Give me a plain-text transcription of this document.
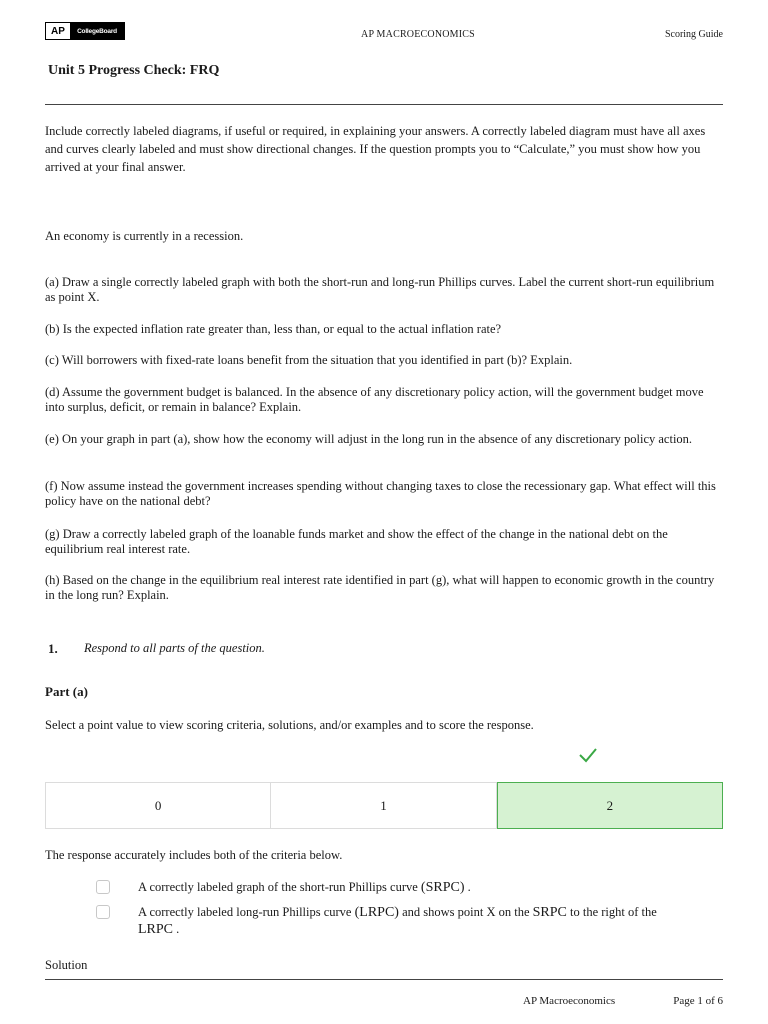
AP	CollegeBoard	AP MACROECONOMICS	Scoring Guide
Unit 5 Progress Check: FRQ
Include correctly labeled diagrams, if useful or required, in explaining your answers. A correctly labeled diagram must have all axes and curves clearly labeled and must show directional changes. If the question prompts you to “Calculate,” you must show how you arrived at your final answer.
An economy is currently in a recession.
(a) Draw a single correctly labeled graph with both the short-run and long-run Phillips curves. Label the current short-run equilibrium as point X.
(b) Is the expected inflation rate greater than, less than, or equal to the actual inflation rate?
(c) Will borrowers with fixed-rate loans benefit from the situation that you identified in part (b)? Explain.
(d) Assume the government budget is balanced. In the absence of any discretionary policy action, will the government budget move into surplus, deficit, or remain in balance? Explain.
(e) On your graph in part (a), show how the economy will adjust in the long run in the absence of any discretionary policy action.
(f) Now assume instead the government increases spending without changing taxes to close the recessionary gap. What effect will this policy have on the national debt?
(g) Draw a correctly labeled graph of the loanable funds market and show the effect of the change in the national debt on the equilibrium real interest rate.
(h) Based on the change in the equilibrium real interest rate identified in part (g), what will happen to economic growth in the country in the long run? Explain.
1. Respond to all parts of the question.
Part (a)
Select a point value to view scoring criteria, solutions, and/or examples and to score the response.
0	1	2
The response accurately includes both of the criteria below.
A correctly labeled graph of the short-run Phillips curve (SRPC) .
A correctly labeled long-run Phillips curve (LRPC) and shows point X on the SRPC to the right of the
LRPC .
Solution
AP Macroeconomics	Page 1 of 6
